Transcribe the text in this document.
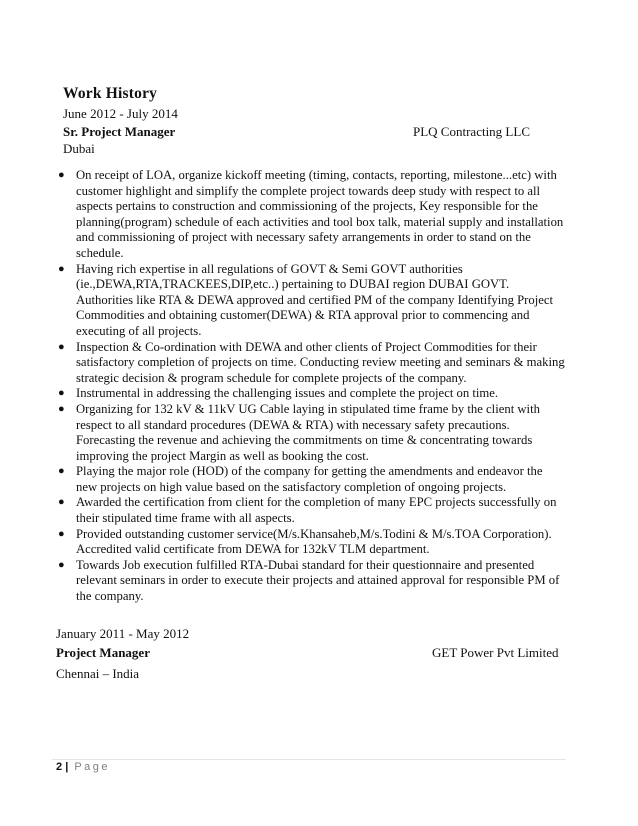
Work History
June 2012 - July 2014
Sr. Project Manager	PLQ Contracting LLC
Dubai
● On receipt of LOA, organize kickoff meeting (timing, contacts, reporting, milestone...etc) with customer highlight and simplify the complete project towards deep study with respect to all aspects pertains to construction and commissioning of the projects, Key responsible for the planning(program) schedule of each activities and tool box talk, material supply and installation and commissioning of project with necessary safety arrangements in order to stand on the schedule.
● Having rich expertise in all regulations of GOVT & Semi GOVT authorities (ie.,DEWA,RTA,TRACKEES,DIP,etc..) pertaining to DUBAI region DUBAI GOVT. Authorities like RTA & DEWA approved and certified PM of the company Identifying Project Commodities and obtaining customer(DEWA) & RTA approval prior to commencing and executing of all projects.
● Inspection & Co-ordination with DEWA and other clients of Project Commodities for their satisfactory completion of projects on time. Conducting review meeting and seminars & making strategic decision & program schedule for complete projects of the company.
● Instrumental in addressing the challenging issues and complete the project on time.
● Organizing for 132 kV & 11kV UG Cable laying in stipulated time frame by the client with respect to all standard procedures (DEWA & RTA) with necessary safety precautions. Forecasting the revenue and achieving the commitments on time & concentrating towards improving the project Margin as well as booking the cost.
● Playing the major role (HOD) of the company for getting the amendments and endeavor the new projects on high value based on the satisfactory completion of ongoing projects.
● Awarded the certification from client for the completion of many EPC projects successfully on their stipulated time frame with all aspects.
● Provided outstanding customer service(M/s.Khansaheb,M/s.Todini & M/s.TOA Corporation). Accredited valid certificate from DEWA for 132kV TLM department.
● Towards Job execution fulfilled RTA-Dubai standard for their questionnaire and presented relevant seminars in order to execute their projects and attained approval for responsible PM of the company.
January 2011 - May 2012
Project Manager	GET Power Pvt Limited
Chennai – India
2 | Page
